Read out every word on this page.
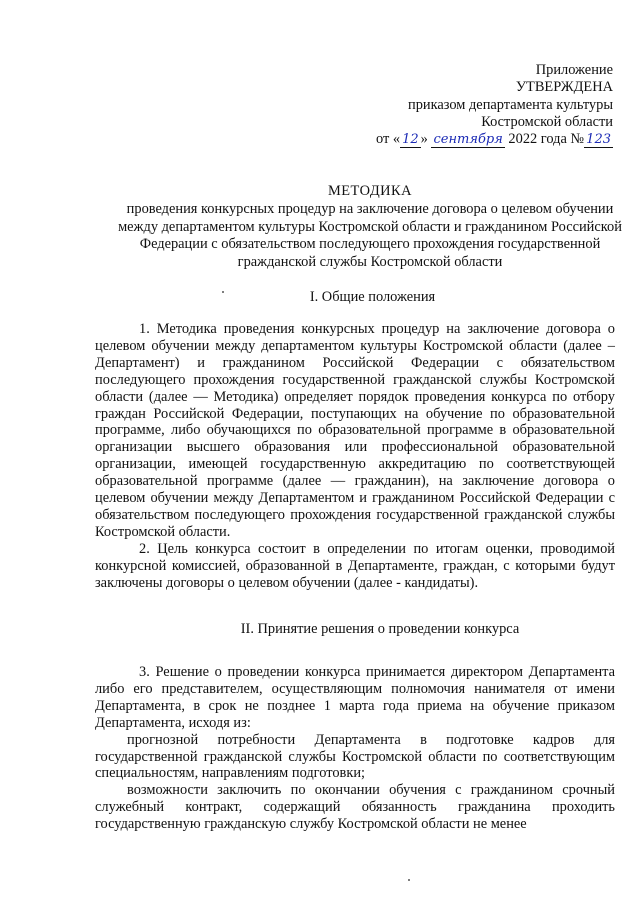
Приложение
УТВЕРЖДЕНА
приказом департамента культуры
Костромской области
от « 12 » сентября 2022 года № 123
МЕТОДИКА
проведения конкурсных процедур на заключение договора о целевом обучении между департаментом культуры Костромской области и гражданином Российской Федерации с обязательством последующего прохождения государственной гражданской службы Костромской области
I. Общие положения

1. Методика проведения конкурсных процедур на заключение договора о целевом обучении между департаментом культуры Костромской области (далее – Департамент) и гражданином Российской Федерации с обязательством последующего прохождения государственной гражданской службы Костромской области (далее — Методика) определяет порядок проведения конкурса по отбору граждан Российской Федерации, поступающих на обучение по образовательной программе, либо обучающихся по образовательной программе в образовательной организации высшего образования или профессиональной образовательной организации, имеющей государственную аккредитацию по соответствующей образовательной программе (далее — гражданин), на заключение договора о целевом обучении между Департаментом и гражданином Российской Федерации с обязательством последующего прохождения государственной гражданской службы Костромской области.

2. Цель конкурса состоит в определении по итогам оценки, проводимой конкурсной комиссией, образованной в Департаменте, граждан, с которыми будут заключены договоры о целевом обучении (далее - кандидаты).

II. Принятие решения о проведении конкурса

3. Решение о проведении конкурса принимается директором Департамента либо его представителем, осуществляющим полномочия нанимателя от имени Департамента, в срок не позднее 1 марта года приема на обучение приказом Департамента, исходя из:

прогнозной потребности Департамента в подготовке кадров для государственной гражданской службы Костромской области по соответствующим специальностям, направлениям подготовки;

возможности заключить по окончании обучения с гражданином срочный служебный контракт, содержащий обязанность гражданина проходить государственную гражданскую службу Костромской области не менее
